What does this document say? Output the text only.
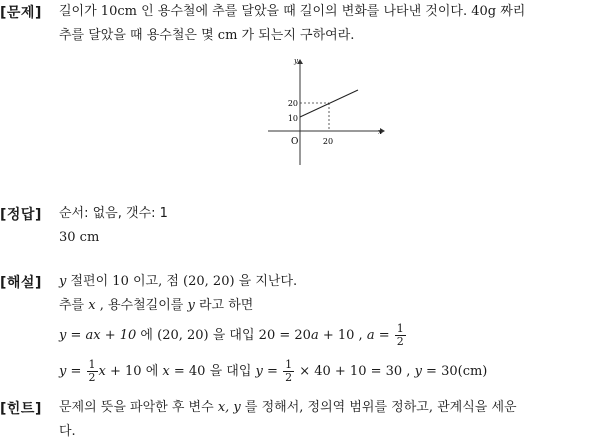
[문제] 길이가 10cm 인 용수철에 추를 달았을 때 길이의 변화를 나타낸 것이다. 40g 짜리
추를 달았을 때 용수철은 몇 cm 가 되는지 구하여라.
y
x
O
20
10
20
[정답] 순서: 없음, 갯수: 1
30 cm
[해설] y 절편이 10 이고, 점 (20, 20) 을 지난다.
추를 x , 용수철길이를 y 라고 하면
y = ax + 10 에 (20, 20) 을 대입 20 = 20a + 10 , $a = \frac{1}{2}$
$y = \frac{1}{2}$ x + 10 에 x = 40 을 대입 $y = \frac{1}{2} \times 40 + 10 = 30$ , y = 30(cm)
[힌트] 문제의 뜻을 파악한 후 변수 x, y 를 정해서, 정의역 범위를 정하고, 관계식을 세운
다.
